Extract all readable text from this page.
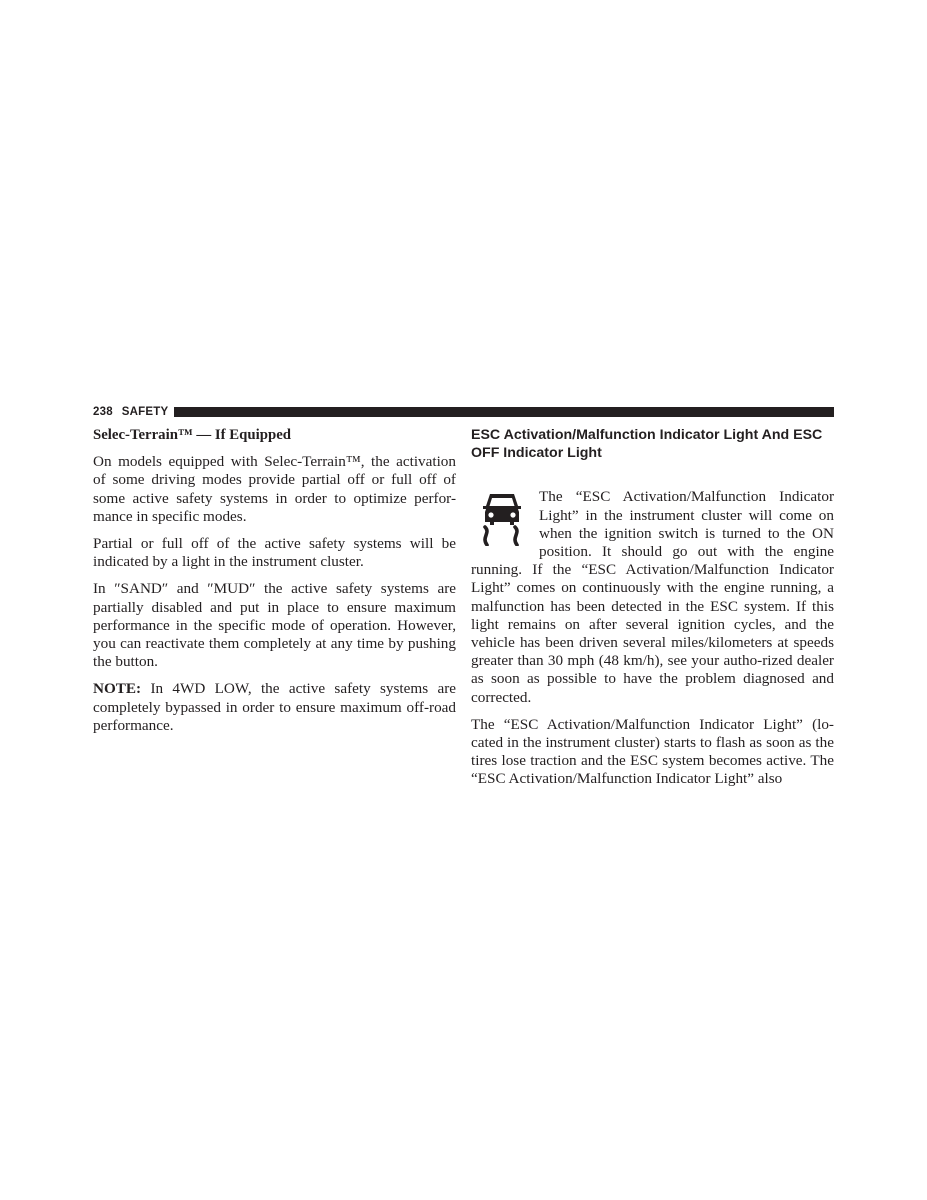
238 SAFETY
Selec-Terrain™ — If Equipped

On models equipped with Selec-Terrain™, the activation of some driving modes provide partial off or full off of some active safety systems in order to optimize perfor-mance in specific modes.

Partial or full off of the active safety systems will be indicated by a light in the instrument cluster.

In ″SAND″ and ″MUD″ the active safety systems are partially disabled and put in place to ensure maximum performance in the specific mode of operation. However, you can reactivate them completely at any time by pushing the button.

NOTE: In 4WD LOW, the active safety systems are completely bypassed in order to ensure maximum off-road performance.

ESC Activation/Malfunction Indicator Light And ESC OFF Indicator Light

The “ESC Activation/Malfunction Indicator Light” in the instrument cluster will come on when the ignition switch is turned to the ON position. It should go out with the engine running. If the “ESC Activation/Malfunction Indicator Light” comes on continuously with the engine running, a malfunction has been detected in the ESC system. If this light remains on after several ignition cycles, and the vehicle has been driven several miles/kilometers at speeds greater than 30 mph (48 km/h), see your autho-rized dealer as soon as possible to have the problem diagnosed and corrected.

The “ESC Activation/Malfunction Indicator Light” (lo-cated in the instrument cluster) starts to flash as soon as the tires lose traction and the ESC system becomes active. The “ESC Activation/Malfunction Indicator Light” also
